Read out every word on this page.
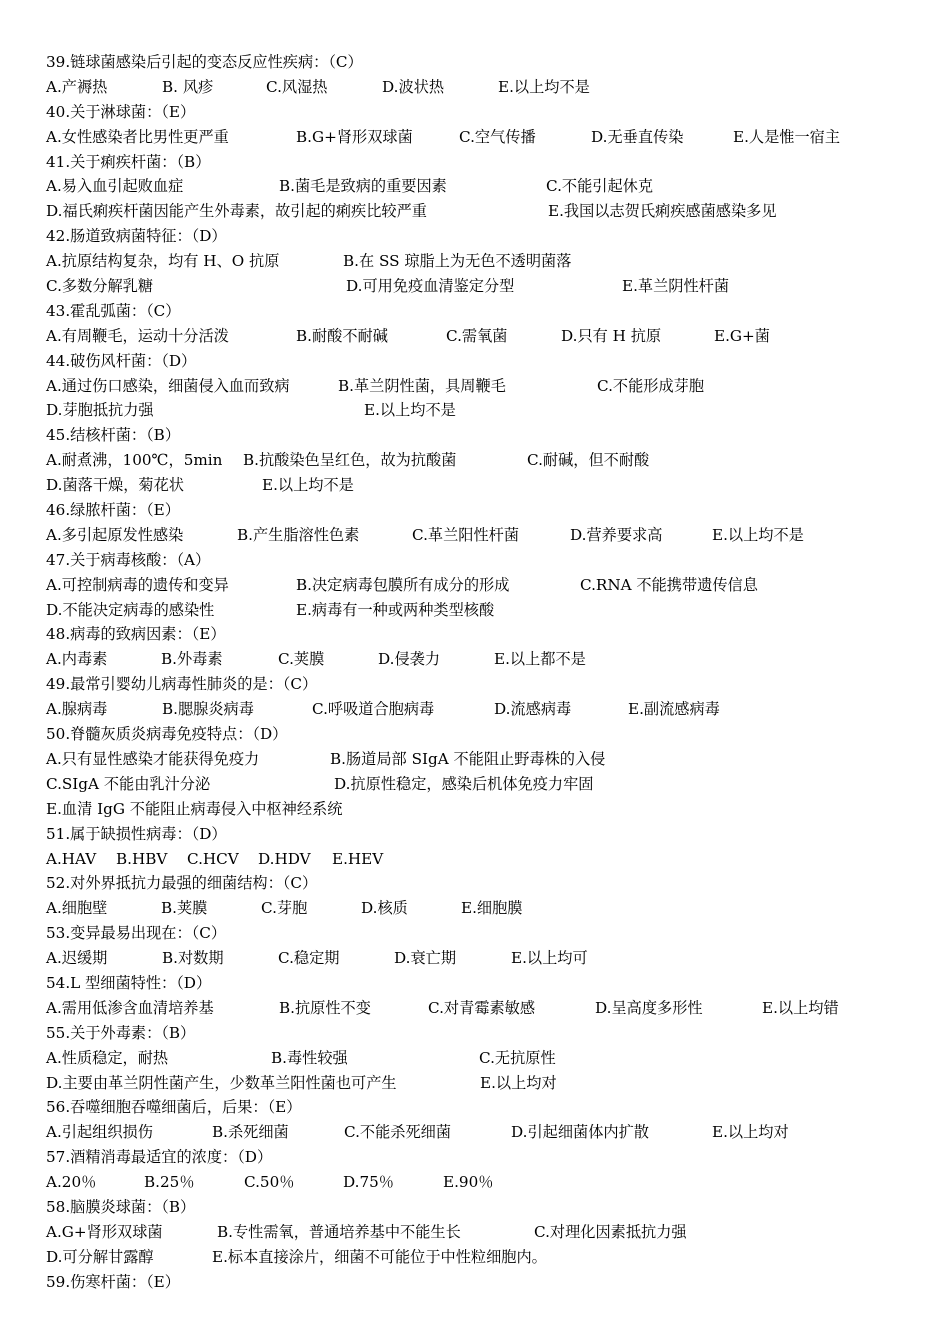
39.链球菌感染后引起的变态反应性疾病：（C）
A.产褥热	B. 风疹	C.风湿热	D.波状热	E.以上均不是
40.关于淋球菌：（E）
A.女性感染者比男性更严重	B.G+肾形双球菌	C.空气传播	D.无垂直传染	E.人是惟一宿主
41.关于痢疾杆菌：（B）
A.易入血引起败血症	B.菌毛是致病的重要因素	C.不能引起休克
D.福氏痢疾杆菌因能产生外毒素，故引起的痢疾比较严重	E.我国以志贺氏痢疾感菌感染多见
42.肠道致病菌特征：（D）
A.抗原结构复杂，均有 H、O 抗原	B.在 SS 琼脂上为无色不透明菌落
C.多数分解乳糖	D.可用免疫血清鉴定分型	E.革兰阴性杆菌
43.霍乱弧菌：（C）
A.有周鞭毛，运动十分活泼	B.耐酸不耐碱	C.需氧菌	D.只有 H 抗原	E.G+菌
44.破伤风杆菌：（D）
A.通过伤口感染，细菌侵入血而致病	B.革兰阴性菌，具周鞭毛	C.不能形成芽胞
D.芽胞抵抗力强	E.以上均不是
45.结核杆菌：（B）
A.耐煮沸，100℃，5min B.抗酸染色呈红色，故为抗酸菌	C.耐碱，但不耐酸
D.菌落干燥，菊花状	E.以上均不是
46.绿脓杆菌：（E）
A.多引起原发性感染	B.产生脂溶性色素	C.革兰阳性杆菌	D.营养要求高	E.以上均不是
47.关于病毒核酸：（A）
A.可控制病毒的遗传和变异	B.决定病毒包膜所有成分的形成	C.RNA 不能携带遗传信息
D.不能决定病毒的感染性	E.病毒有一种或两种类型核酸
48.病毒的致病因素：（E）
A.内毒素	B.外毒素	C.荚膜	D.侵袭力	E.以上都不是
49.最常引婴幼儿病毒性肺炎的是：（C）
A.腺病毒	B.腮腺炎病毒	C.呼吸道合胞病毒	D.流感病毒	E.副流感病毒
50.脊髓灰质炎病毒免疫特点：（D）
A.只有显性感染才能获得免疫力	B.肠道局部 SIgA 不能阻止野毒株的入侵
C.SIgA 不能由乳汁分泌	D.抗原性稳定，感染后机体免疫力牢固
E.血清 IgG 不能阻止病毒侵入中枢神经系统
51.属于缺损性病毒：（D）
A.HAV B.HBV C.HCV D.HDV E.HEV
52.对外界抵抗力最强的细菌结构：（C）
A.细胞壁	B.荚膜	C.芽胞	D.核质	E.细胞膜
53.变异最易出现在：（C）
A.迟缓期	B.对数期	C.稳定期	D.衰亡期	E.以上均可
54.L 型细菌特性：（D）
A.需用低渗含血清培养基	B.抗原性不变	C.对青霉素敏感	D.呈高度多形性	E.以上均错
55.关于外毒素：（B）
A.性质稳定，耐热	B.毒性较强	C.无抗原性
D.主要由革兰阴性菌产生，少数革兰阳性菌也可产生	E.以上均对
56.吞噬细胞吞噬细菌后，后果：（E）
A.引起组织损伤	B.杀死细菌	C.不能杀死细菌	D.引起细菌体内扩散	E.以上均对
57.酒精消毒最适宜的浓度：（D）
A.20％	B.25％	C.50％	D.75％	E.90％
58.脑膜炎球菌：（B）
A.G+肾形双球菌	B.专性需氧，普通培养基中不能生长	C.对理化因素抵抗力强
D.可分解甘露醇	E.标本直接涂片，细菌不可能位于中性粒细胞内。
59.伤寒杆菌：（E）
